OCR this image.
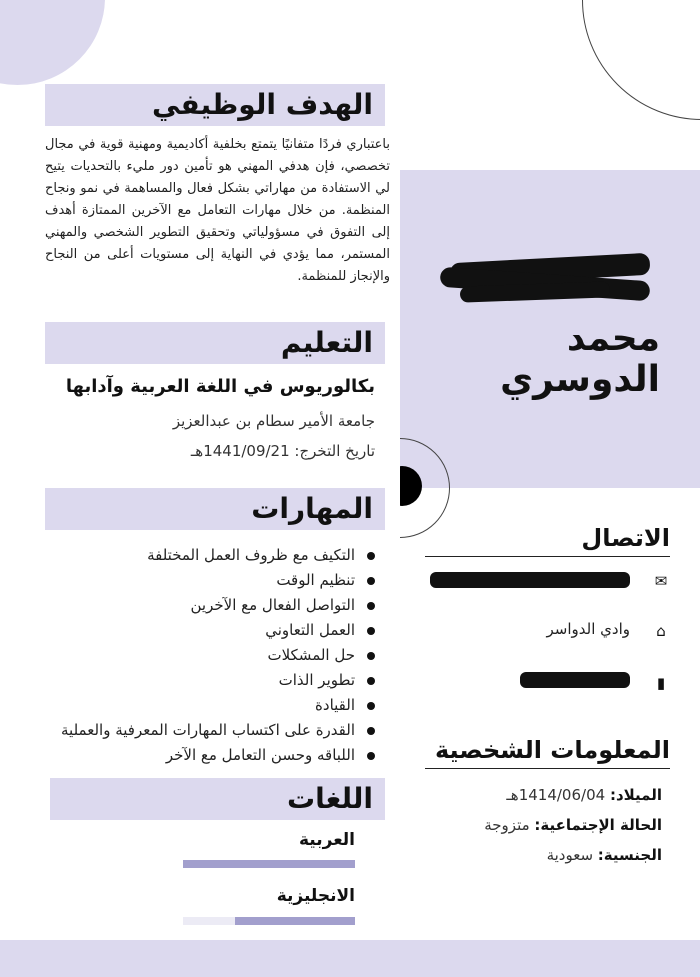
محمد الدوسري
الهدف الوظيفي

باعتباري فردًا متفانيًا يتمتع بخلفية أكاديمية ومهنية قوية في مجال تخصصي، فإن هدفي المهني هو تأمين دور مليء بالتحديات يتيح لي الاستفادة من مهاراتي بشكل فعال والمساهمة في نمو ونجاح المنظمة. من خلال مهارات التعامل مع الآخرين الممتازة أهدف إلى التفوق في مسؤولياتي وتحقيق التطوير الشخصي والمهني المستمر، مما يؤدي في النهاية إلى مستويات أعلى من النجاح والإنجاز للمنظمة.

التعليم
بكالوريوس في اللغة العربية وآدابها
جامعة الأمير سطام بن عبدالعزيز
تاريخ التخرج: 1441/09/21هـ
المهارات
التكيف مع ظروف العمل المختلفة
تنظيم الوقت
التواصل الفعال مع الآخرين
العمل التعاوني
حل المشكلات
تطوير الذات
القيادة
القدرة على اكتساب المهارات المعرفية والعملية
اللباقه وحسن التعامل مع الآخر
اللغات
العربية
الانجليزية
الاتصال
✉
⌂
وادي الدواسر
▮
المعلومات الشخصية
الميلاد: 1414/06/04هـ
الحالة الإجتماعية: متزوجة
الجنسية: سعودية
